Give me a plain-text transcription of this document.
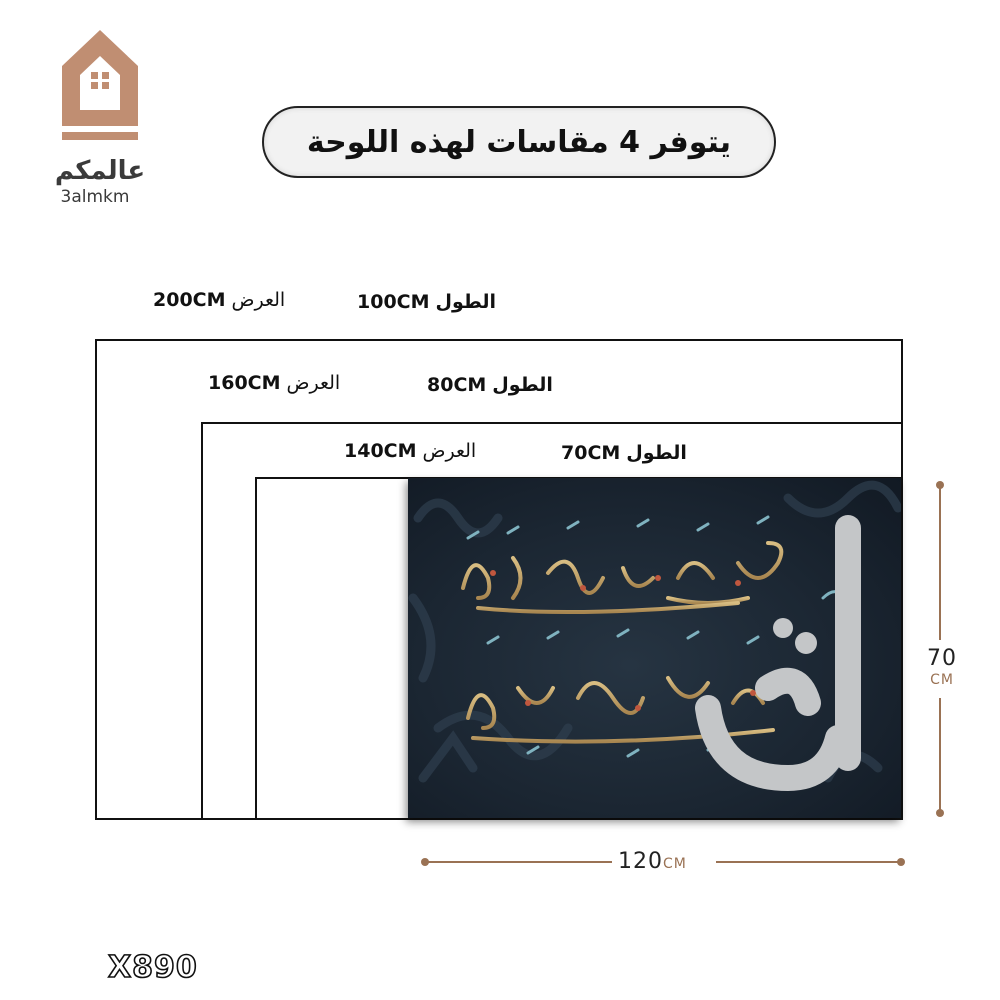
عالمكم
3almkm
يتوفر 4 مقاسات لهذه اللوحة
200CM العرض	100CM الطول
160CM العرض	80CM الطول
140CM العرض	70CM الطول
70
CM
120CM
X890
